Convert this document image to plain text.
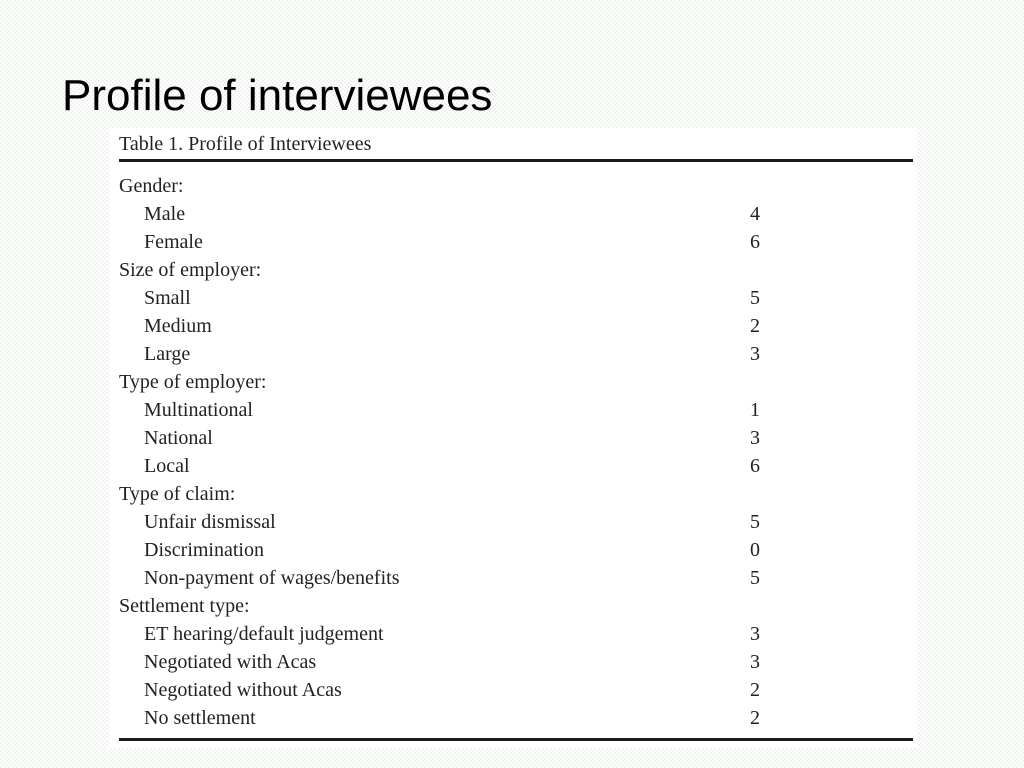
Profile of interviewees
Table 1. Profile of Interviewees
Gender:
Male	4
Female	6
Size of employer:
Small	5
Medium	2
Large	3
Type of employer:
Multinational	1
National	3
Local	6
Type of claim:
Unfair dismissal	5
Discrimination	0
Non-payment of wages/benefits	5
Settlement type:
ET hearing/default judgement	3
Negotiated with Acas	3
Negotiated without Acas	2
No settlement	2
